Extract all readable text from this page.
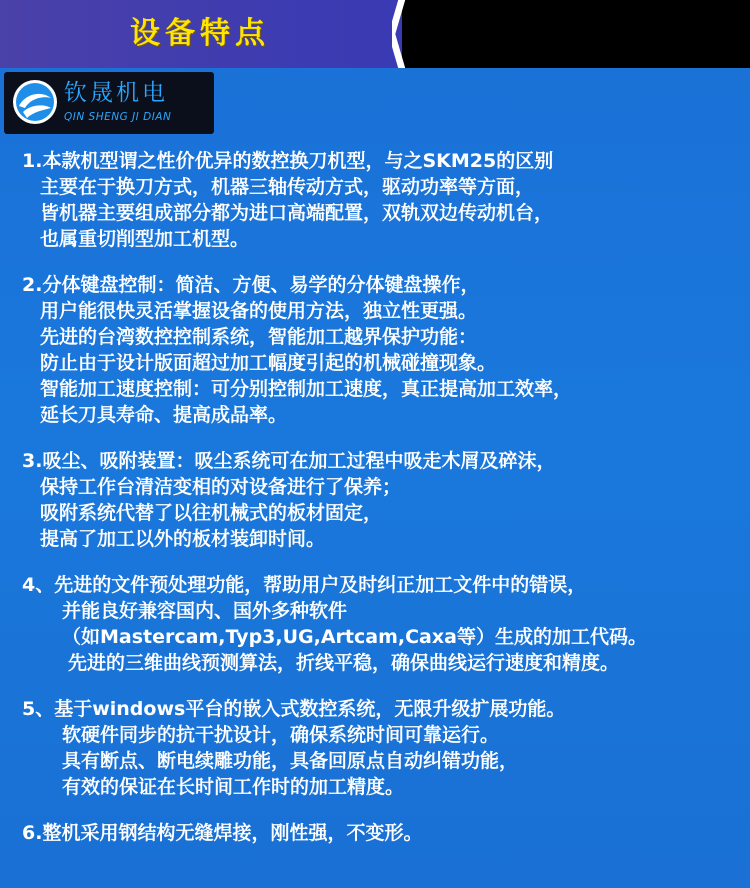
设备特点
钦晟机电
QIN SHENG JI DIAN
1.本款机型谓之性价优异的数控换刀机型，与之SKM25的区别
主要在于换刀方式，机器三轴传动方式，驱动功率等方面，
皆机器主要组成部分都为进口高端配置，双轨双边传动机台，
也属重切削型加工机型。
2.分体键盘控制：简洁、方便、易学的分体键盘操作，
用户能很快灵活掌握设备的使用方法，独立性更强。
先进的台湾数控控制系统，智能加工越界保护功能：
防止由于设计版面超过加工幅度引起的机械碰撞现象。
智能加工速度控制：可分别控制加工速度，真正提高加工效率，
延长刀具寿命、提高成品率。
3.吸尘、吸附装置：吸尘系统可在加工过程中吸走木屑及碎沫，
保持工作台清洁变相的对设备进行了保养；
吸附系统代替了以往机械式的板材固定，
提高了加工以外的板材装卸时间。
4、先进的文件预处理功能，帮助用户及时纠正加工文件中的错误，
并能良好兼容国内、国外多种软件
（如Mastercam,Typ3,UG,Artcam,Caxa等）生成的加工代码。
先进的三维曲线预测算法，折线平稳，确保曲线运行速度和精度。
5、基于windows平台的嵌入式数控系统，无限升级扩展功能。
软硬件同步的抗干扰设计，确保系统时间可靠运行。
具有断点、断电续雕功能，具备回原点自动纠错功能，
有效的保证在长时间工作时的加工精度。
6.整机采用钢结构无缝焊接，刚性强，不变形。
